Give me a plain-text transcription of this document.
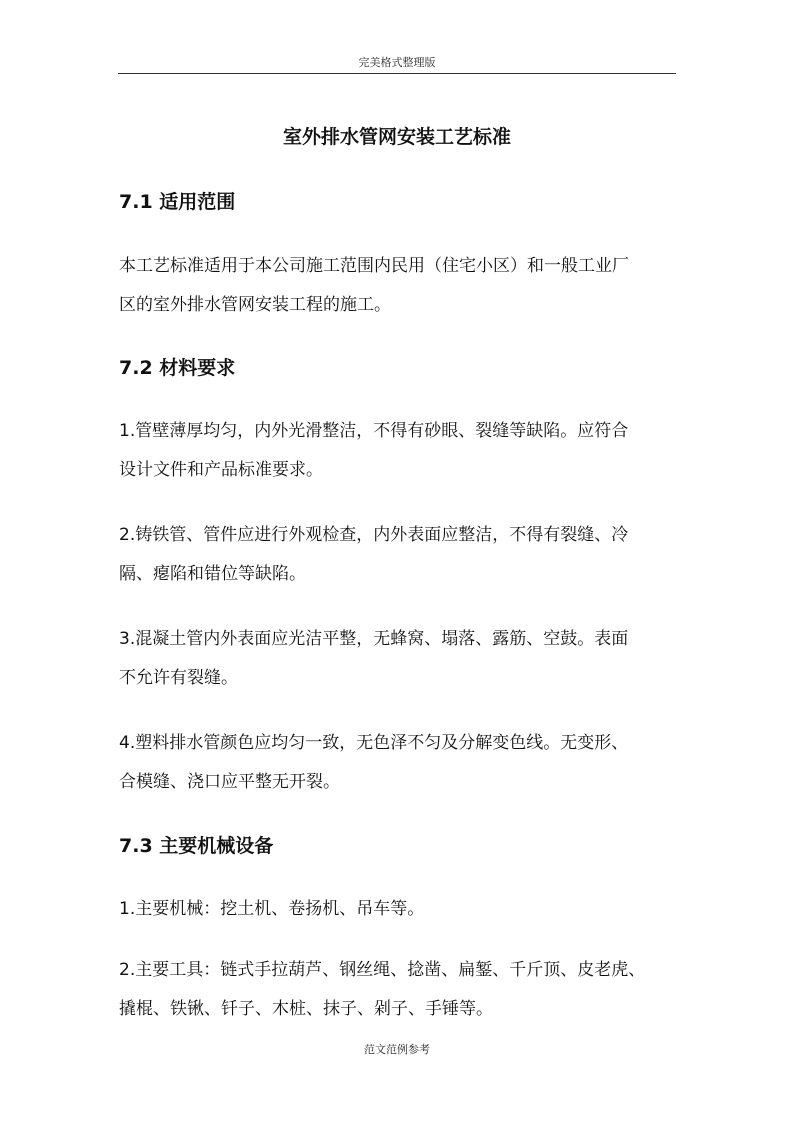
完美格式整理版
室外排水管网安装工艺标准
7.1 适用范围

本工艺标准适用于本公司施工范围内民用（住宅小区）和一般工业厂

区的室外排水管网安装工程的施工。

7.2 材料要求

1.管壁薄厚均匀，内外光滑整洁，不得有砂眼、裂缝等缺陷。应符合

设计文件和产品标准要求。

2.铸铁管、管件应进行外观检查，内外表面应整洁，不得有裂缝、冷

隔、瘪陷和错位等缺陷。

3.混凝土管内外表面应光洁平整，无蜂窝、塌落、露筋、空鼓。表面

不允许有裂缝。

4.塑料排水管颜色应均匀一致，无色泽不匀及分解变色线。无变形、

合模缝、浇口应平整无开裂。

7.3 主要机械设备

1.主要机械：挖土机、卷扬机、吊车等。

2.主要工具：链式手拉葫芦、钢丝绳、捻凿、扁錾、千斤顶、皮老虎、

撬棍、铁锹、钎子、木桩、抹子、剁子、手锤等。

范文范例参考
